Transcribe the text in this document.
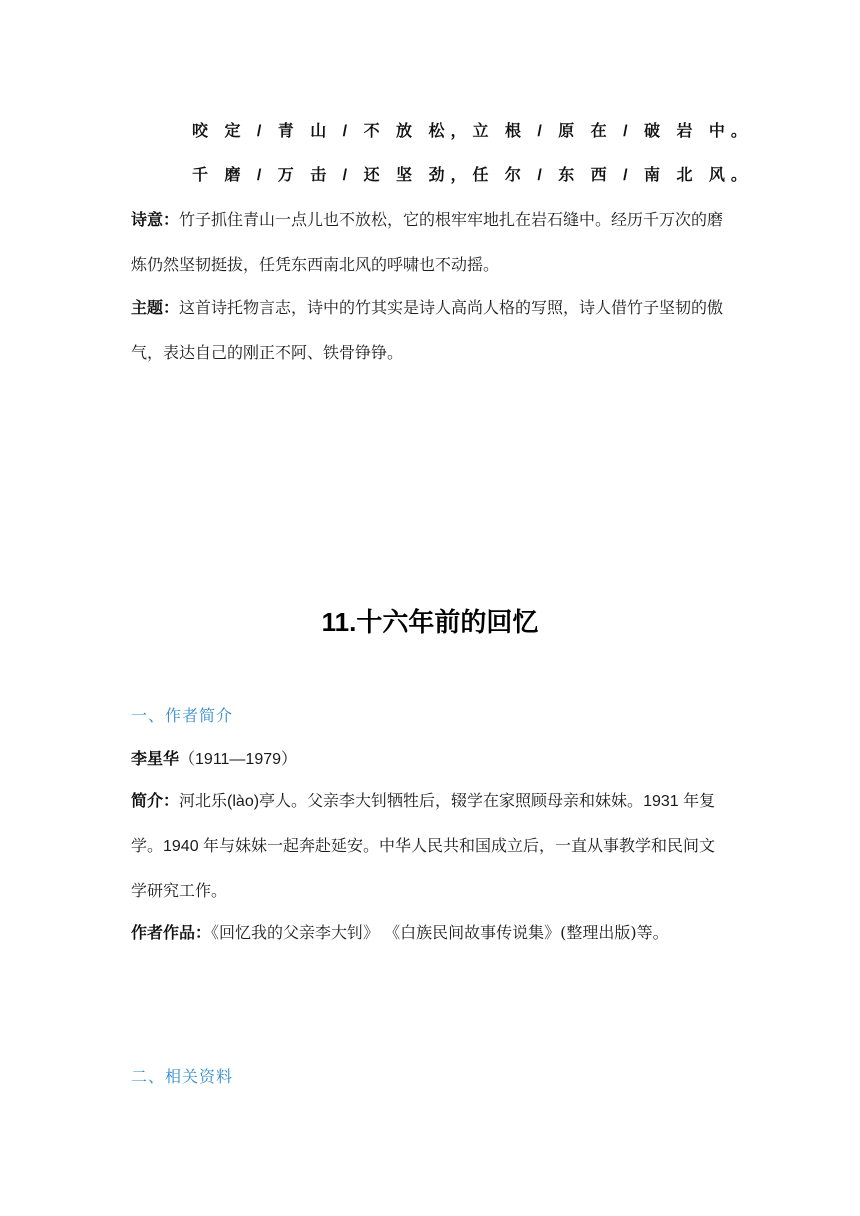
咬 定 / 青 山 / 不 放 松，立 根 / 原 在 / 破 岩 中。
千 磨 / 万 击 / 还 坚 劲，任 尔 / 东 西 / 南 北 风。
诗意：竹子抓住青山一点儿也不放松，它的根牢牢地扎在岩石缝中。经历千万次的磨炼仍然坚韧挺拔，任凭东西南北风的呼啸也不动摇。
主题：这首诗托物言志，诗中的竹其实是诗人高尚人格的写照，诗人借竹子坚韧的傲气，表达自己的刚正不阿、铁骨铮铮。
11.十六年前的回忆
一、作者简介
李星华（1911—1979）
简介：河北乐(lào)亭人。父亲李大钊牺牲后，辍学在家照顾母亲和妹妹。1931 年复学。1940 年与妹妹一起奔赴延安。中华人民共和国成立后，一直从事教学和民间文学研究工作。
作者作品：《回忆我的父亲李大钊》 《白族民间故事传说集》(整理出版)等。
二、相关资料
